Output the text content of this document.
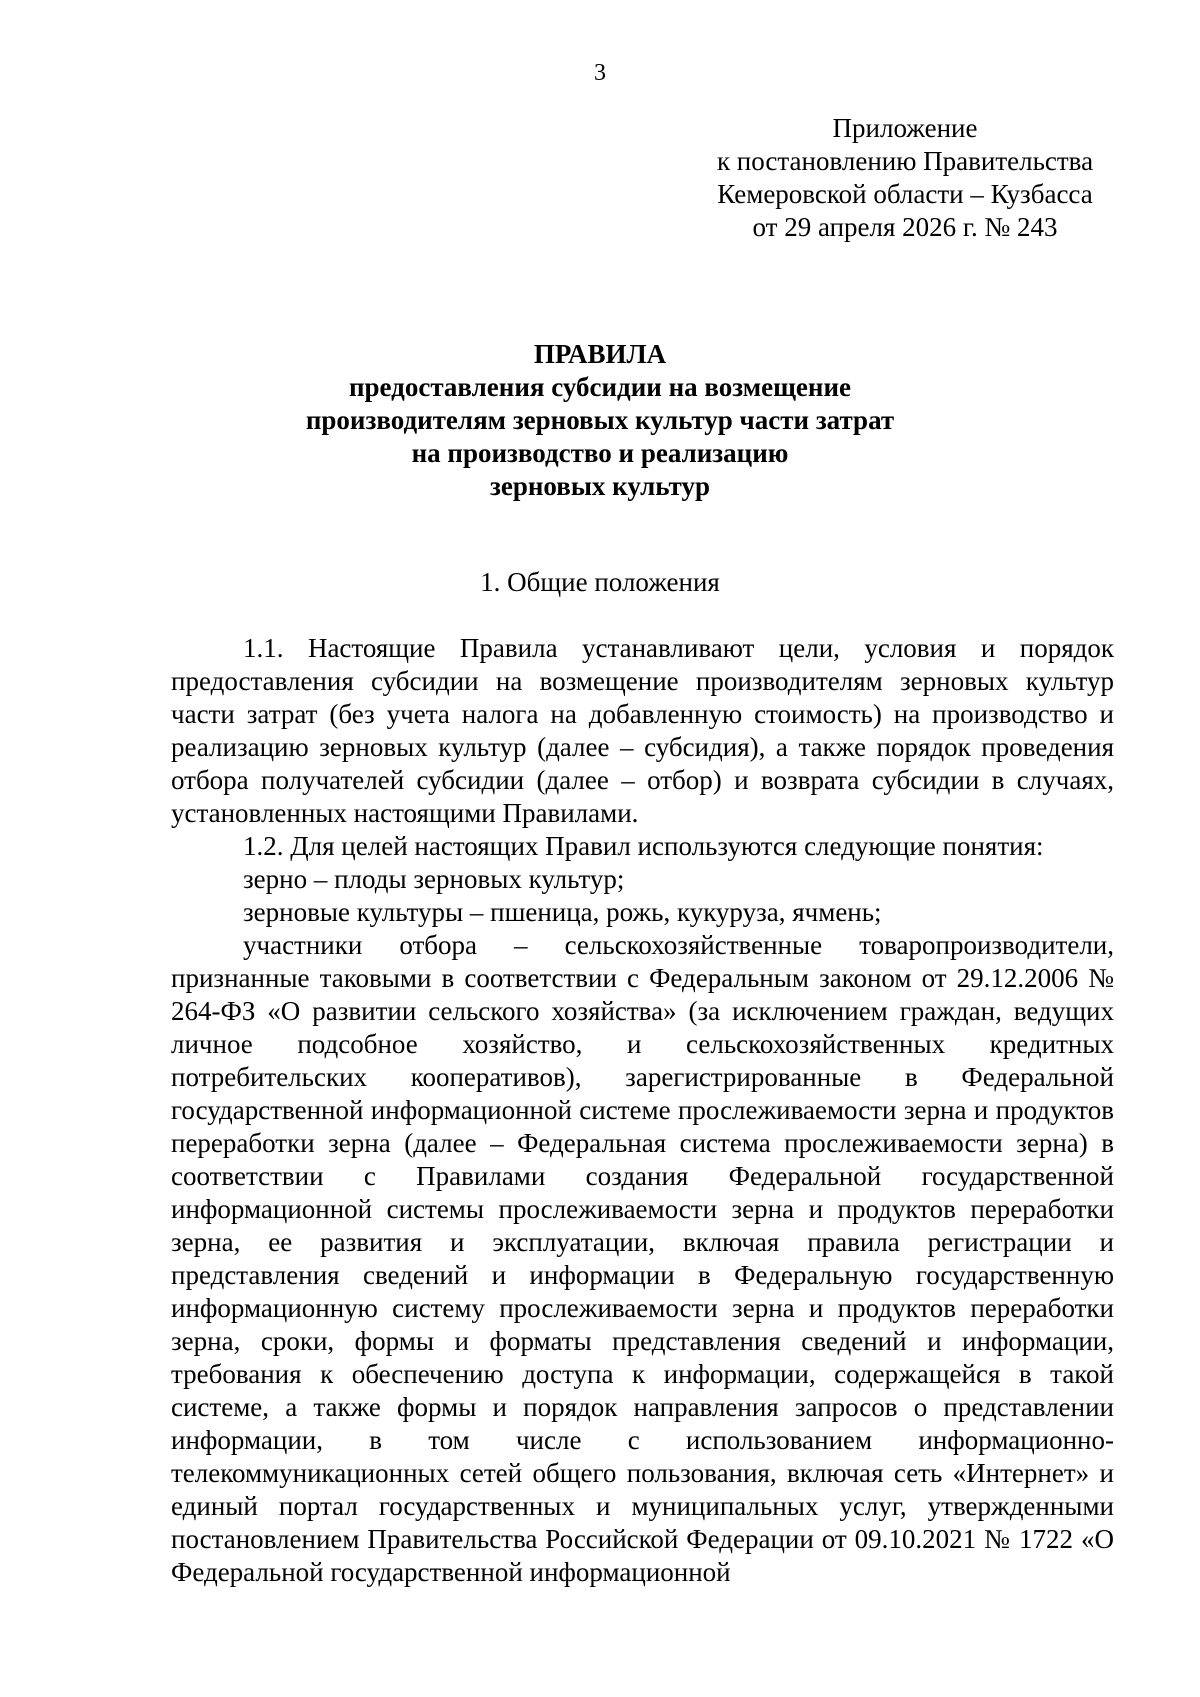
3
Приложение
к постановлению Правительства
Кемеровской области – Кузбасса
от 29 апреля 2026 г. № 243
ПРАВИЛА
предоставления субсидии на возмещение
производителям зерновых культур части затрат
на производство и реализацию
зерновых культур
1. Общие положения

1.1. Настоящие Правила устанавливают цели, условия и порядок предоставления субсидии на возмещение производителям зерновых культур части затрат (без учета налога на добавленную стоимость) на производство и реализацию зерновых культур (далее – субсидия), а также порядок проведения отбора получателей субсидии (далее – отбор) и возврата субсидии в случаях, установленных настоящими Правилами.

1.2. Для целей настоящих Правил используются следующие понятия:

зерно – плоды зерновых культур;

зерновые культуры – пшеница, рожь, кукуруза, ячмень;

участники отбора – сельскохозяйственные товаропроизводители, признанные таковыми в соответствии с Федеральным законом от 29.12.2006 № 264-ФЗ «О развитии сельского хозяйства» (за исключением граждан, ведущих личное подсобное хозяйство, и сельскохозяйственных кредитных потребительских кооперативов), зарегистрированные в Федеральной государственной информационной системе прослеживаемости зерна и продуктов переработки зерна (далее – Федеральная система прослеживаемости зерна) в соответствии с Правилами создания Федеральной государственной информационной системы прослеживаемости зерна и продуктов переработки зерна, ее развития и эксплуатации, включая правила регистрации и представления сведений и информации в Федеральную государственную информационную систему прослеживаемости зерна и продуктов переработки зерна, сроки, формы и форматы представления сведений и информации, требования к обеспечению доступа к информации, содержащейся в такой системе, а также формы и порядок направления запросов о представлении информации, в том числе с использованием информационно-телекоммуникационных сетей общего пользования, включая сеть «Интернет» и единый портал государственных и муниципальных услуг, утвержденными постановлением Правительства Российской Федерации от 09.10.2021 № 1722 «О Федеральной государственной информационной
